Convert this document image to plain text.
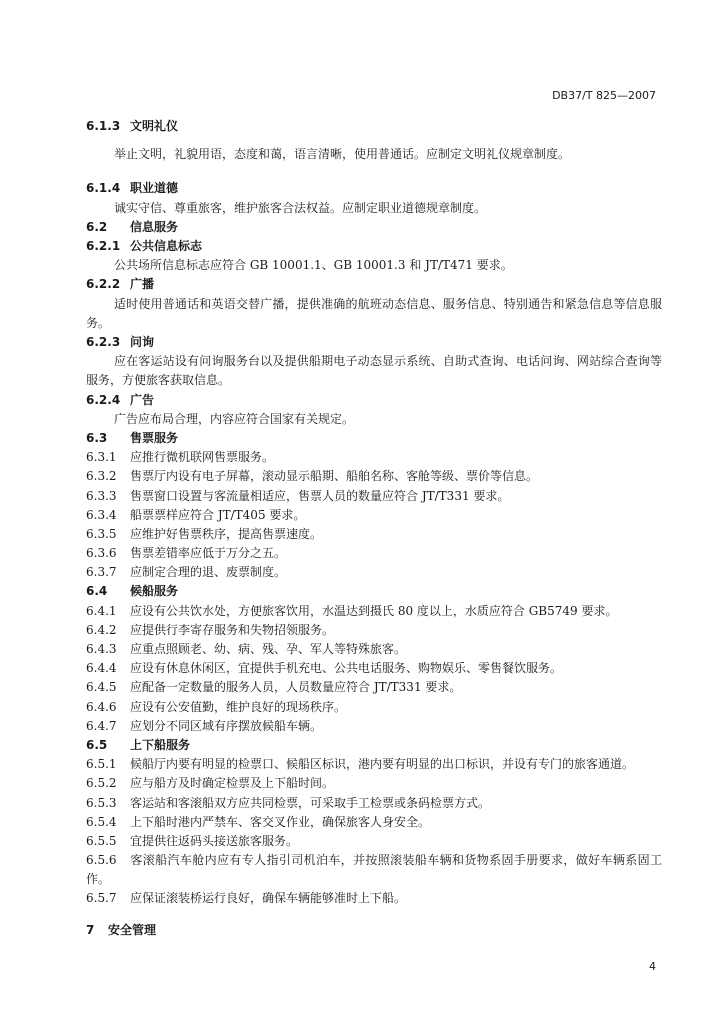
DB37/T 825—2007
6.1.3 文明礼仪
举止文明，礼貌用语，态度和蔼，语言清晰，使用普通话。应制定文明礼仪规章制度。
6.1.4 职业道德
诚实守信、尊重旅客，维护旅客合法权益。应制定职业道德规章制度。
6.2 信息服务
6.2.1 公共信息标志
公共场所信息标志应符合 GB 10001.1、GB 10001.3 和 JT/T471 要求。
6.2.2 广播
适时使用普通话和英语交替广播，提供准确的航班动态信息、服务信息、特别通告和紧急信息等信息服务。
6.2.3 问询
应在客运站设有问询服务台以及提供船期电子动态显示系统、自助式查询、电话问询、网站综合查询等服务，方便旅客获取信息。
6.2.4 广告
广告应布局合理，内容应符合国家有关规定。
6.3 售票服务
6.3.1 应推行微机联网售票服务。
6.3.2 售票厅内设有电子屏幕，滚动显示船期、船舶名称、客舱等级、票价等信息。
6.3.3 售票窗口设置与客流量相适应，售票人员的数量应符合 JT/T331 要求。
6.3.4 船票票样应符合 JT/T405 要求。
6.3.5 应维护好售票秩序，提高售票速度。
6.3.6 售票差错率应低于万分之五。
6.3.7 应制定合理的退、废票制度。
6.4 候船服务
6.4.1 应设有公共饮水处，方便旅客饮用，水温达到摄氏 80 度以上，水质应符合 GB5749 要求。
6.4.2 应提供行李寄存服务和失物招领服务。
6.4.3 应重点照顾老、幼、病、残、孕、军人等特殊旅客。
6.4.4 应设有休息休闲区，宜提供手机充电、公共电话服务、购物娱乐、零售餐饮服务。
6.4.5 应配备一定数量的服务人员，人员数量应符合 JT/T331 要求。
6.4.6 应设有公安值勤，维护良好的现场秩序。
6.4.7 应划分不同区域有序摆放候船车辆。
6.5 上下船服务
6.5.1 候船厅内要有明显的检票口、候船区标识，港内要有明显的出口标识，并设有专门的旅客通道。
6.5.2 应与船方及时确定检票及上下船时间。
6.5.3 客运站和客滚船双方应共同检票，可采取手工检票或条码检票方式。
6.5.4 上下船时港内严禁车、客交叉作业，确保旅客人身安全。
6.5.5 宜提供往返码头接送旅客服务。
6.5.6 客滚船汽车舱内应有专人指引司机泊车，并按照滚装船车辆和货物系固手册要求，做好车辆系固工作。
6.5.7 应保证滚装桥运行良好，确保车辆能够准时上下船。
7 安全管理
4
